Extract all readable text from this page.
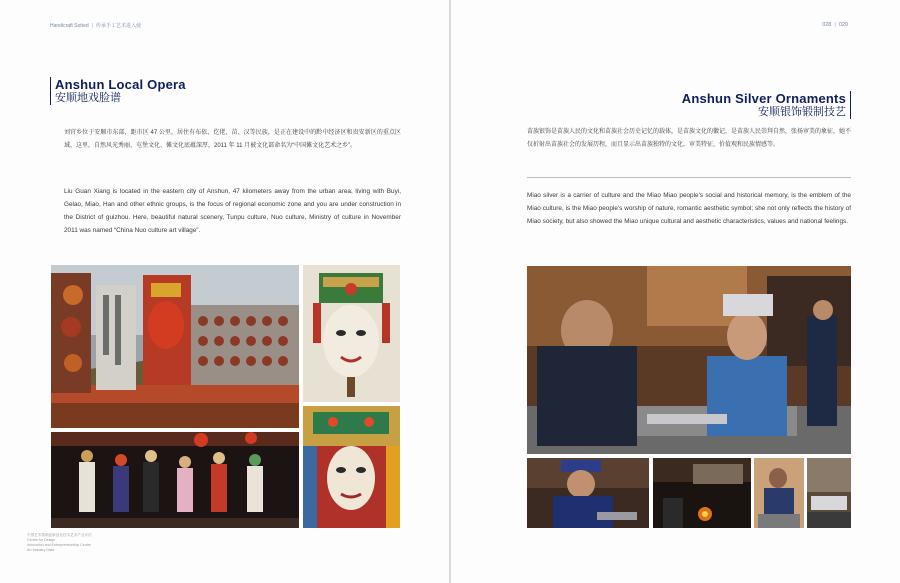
Handicraft Sotted | 传承手工艺术进入使
Anshun Local Opera
安顺地戏脸谱
刘官乡位于安顺市东部，距市区 47 公里，居住有布依、仡佬、苗、汉等民族，是正在建设中的黔中经济区和贵安新区的重点区域，这里，自然风光秀丽、屯堡文化、傩文化底蕴深厚，2011 年 11 月被文化部命名为“中国傩文化艺术之乡”。
Liu Guan Xiang is located in the eastern city of Anshun, 47 kilometers away from the urban area, living with Buyi, Gelao, Miao, Han and other ethnic groups, is the focus of regional economic zone and you are under construction in the District of guizhou. Here, beautiful natural scenery, Tunpu culture, Nuo culture, Ministry of culture in November 2011 was named “China Nuo culture art village”.
中国艺术基础创新创业技术艺术产业评估
Centre for Design
Innovation and Entrepreneurship Centre
Art Industry Data
028 | 029
Anshun Silver Ornaments
安顺银饰锻制技艺
苗族银饰是苗族人民的文化和苗族社会历史记忆的载体，是苗族文化的徽记，是苗族人民崇拜自然，张扬审美的象征，她不仅折射出苗族社会的发展历程，而且显示出苗族独特的文化，审美特征，价值观和民族情感等。
Miao silver is a carrier of culture and the Miao Miao people's social and historical memory, is the emblem of the Miao culture, is the Miao people's worship of nature, romantic aesthetic symbol; she not only reflects the history of Miao society, but also showed the Miao unique cultural and aesthetic characteristics, values and national feelings.
